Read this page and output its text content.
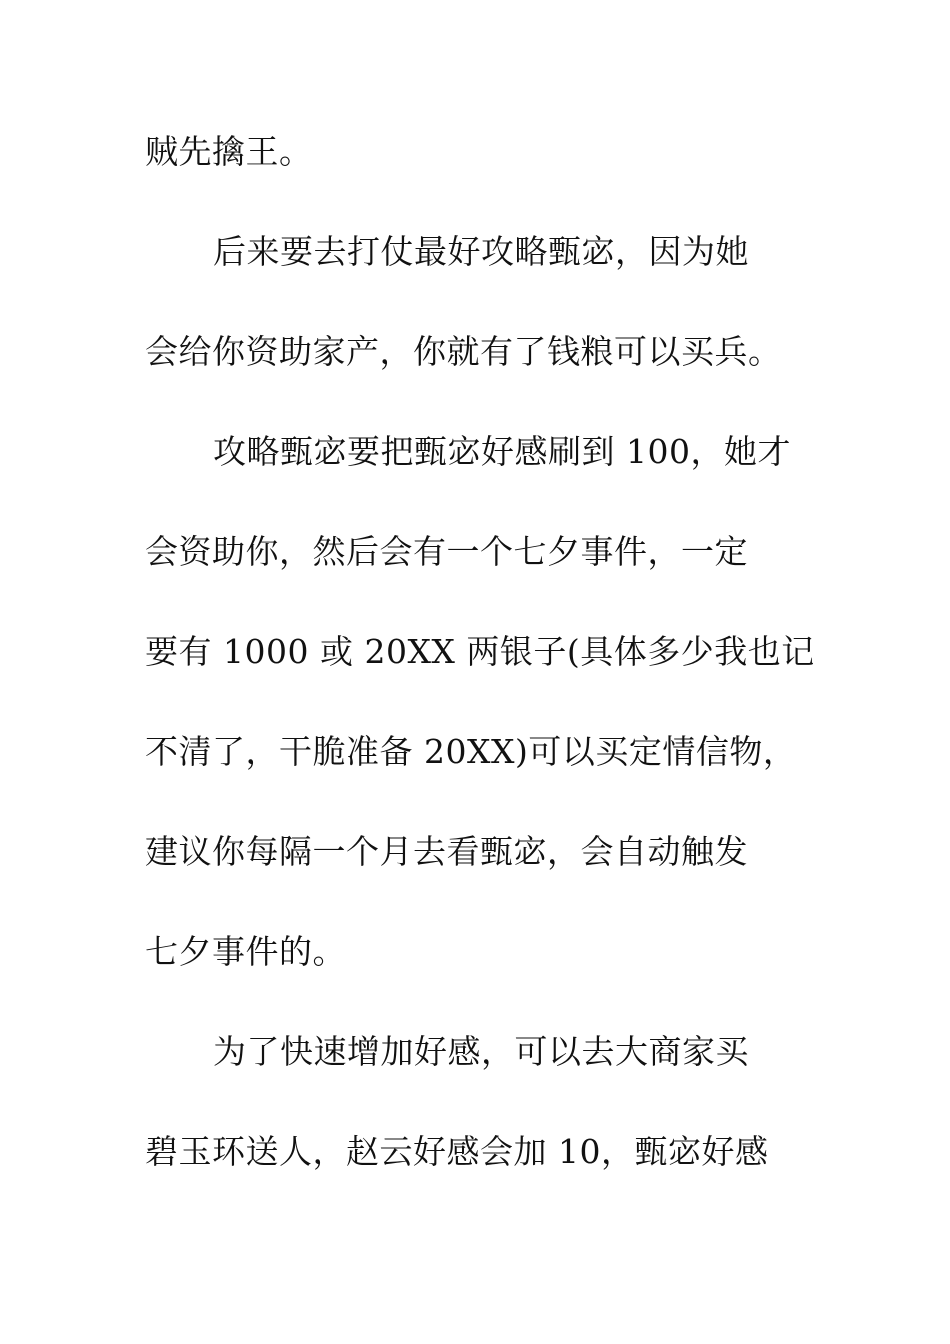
贼先擒王。
后来要去打仗最好攻略甄宓，因为她
会给你资助家产，你就有了钱粮可以买兵。
攻略甄宓要把甄宓好感刷到 100，她才
会资助你，然后会有一个七夕事件，一定
要有 1000 或 20XX 两银子(具体多少我也记
不清了，干脆准备 20XX)可以买定情信物，
建议你每隔一个月去看甄宓，会自动触发
七夕事件的。
为了快速增加好感，可以去大商家买
碧玉环送人，赵云好感会加 10，甄宓好感
